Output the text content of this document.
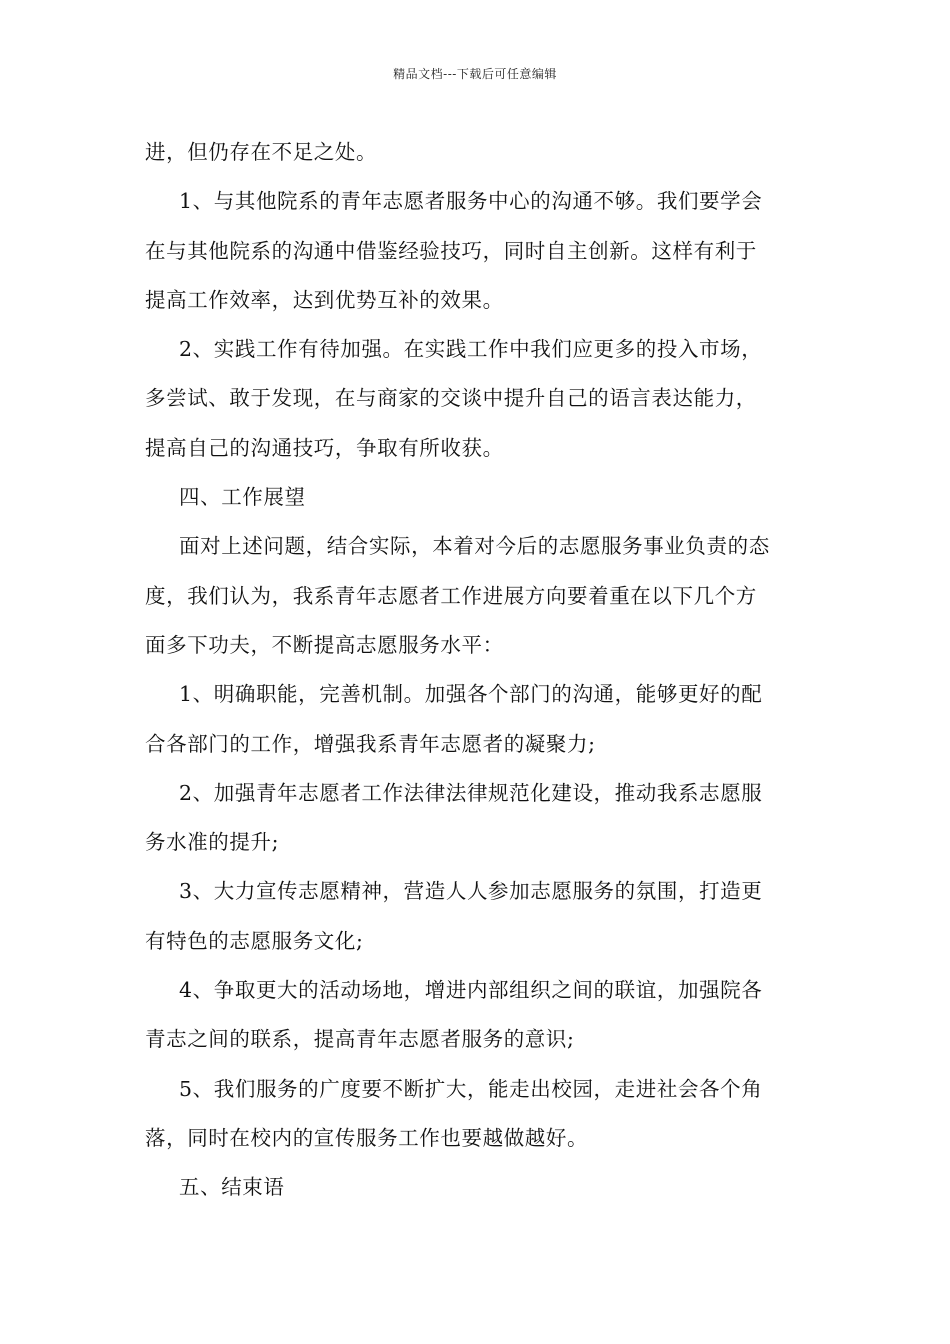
精品文档---下载后可任意编辑
进，但仍存在不足之处。
1、与其他院系的青年志愿者服务中心的沟通不够。我们要学会
在与其他院系的沟通中借鉴经验技巧，同时自主创新。这样有利于
提高工作效率，达到优势互补的效果。
2、实践工作有待加强。在实践工作中我们应更多的投入市场，
多尝试、敢于发现，在与商家的交谈中提升自己的语言表达能力，
提高自己的沟通技巧，争取有所收获。
四、工作展望
面对上述问题，结合实际，本着对今后的志愿服务事业负责的态
度，我们认为，我系青年志愿者工作进展方向要着重在以下几个方
面多下功夫，不断提高志愿服务水平：
1、明确职能，完善机制。加强各个部门的沟通，能够更好的配
合各部门的工作，增强我系青年志愿者的凝聚力;
2、加强青年志愿者工作法律法律规范化建设，推动我系志愿服
务水准的提升;
3、大力宣传志愿精神，营造人人参加志愿服务的氛围，打造更
有特色的志愿服务文化;
4、争取更大的活动场地，增进内部组织之间的联谊，加强院各
青志之间的联系，提高青年志愿者服务的意识;
5、我们服务的广度要不断扩大，能走出校园，走进社会各个角
落，同时在校内的宣传服务工作也要越做越好。
五、结束语
